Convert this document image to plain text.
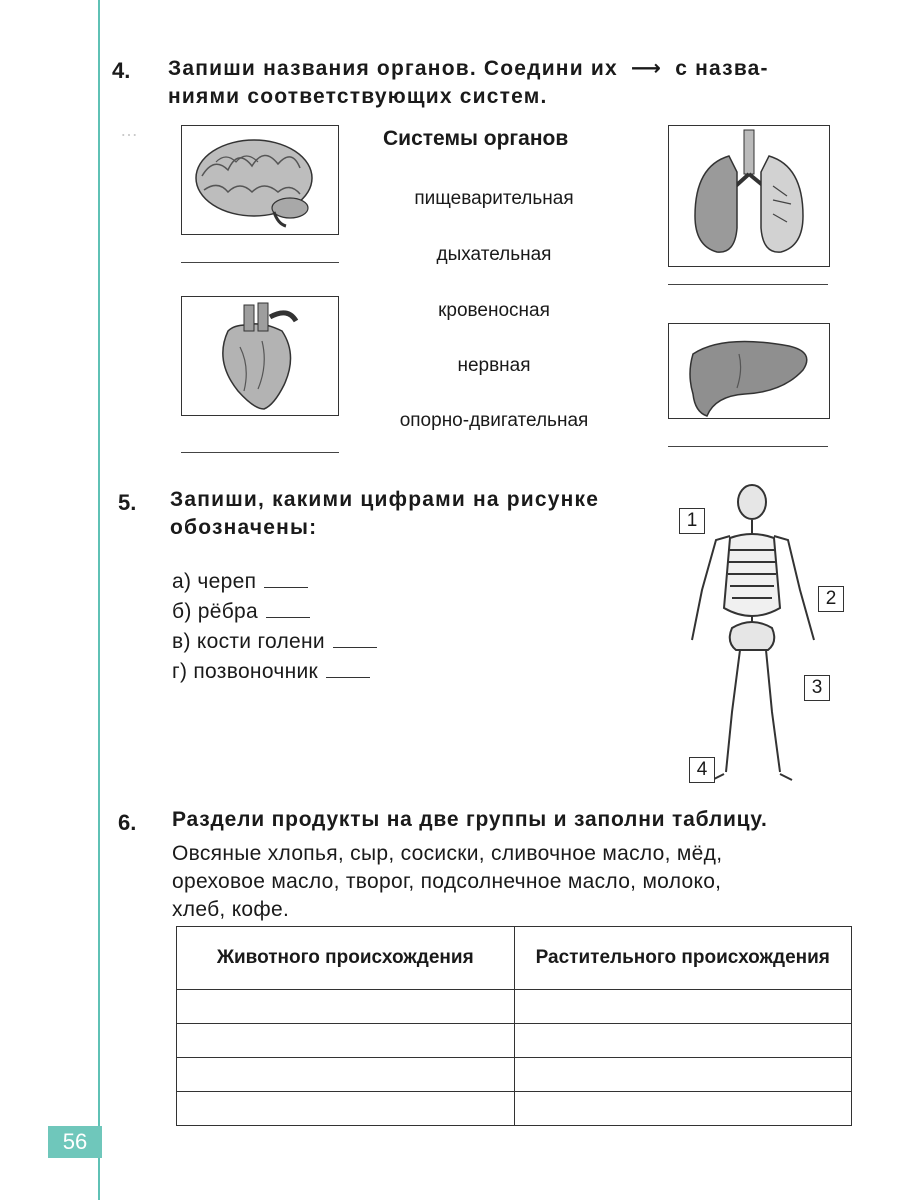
…
4. Запиши названия органов. Соедини их ⟶ с назва-
ниями соответствующих систем.
Системы органов
пищеварительная
дыхательная
кровеносная
нервная
опорно-двигательная
5. Запиши, какими цифрами на рисунке
обозначены:
а) череп
б) рёбра
в) кости голени
г) позвоночник
1
2
3
4
6. Раздели продукты на две группы и заполни таблицу.
Овсяные хлопья, сыр, сосиски, сливочное масло, мёд,
ореховое масло, творог, подсолнечное масло, молоко,
хлеб, кофе.
Животного происхождения	Растительного происхождения

56
